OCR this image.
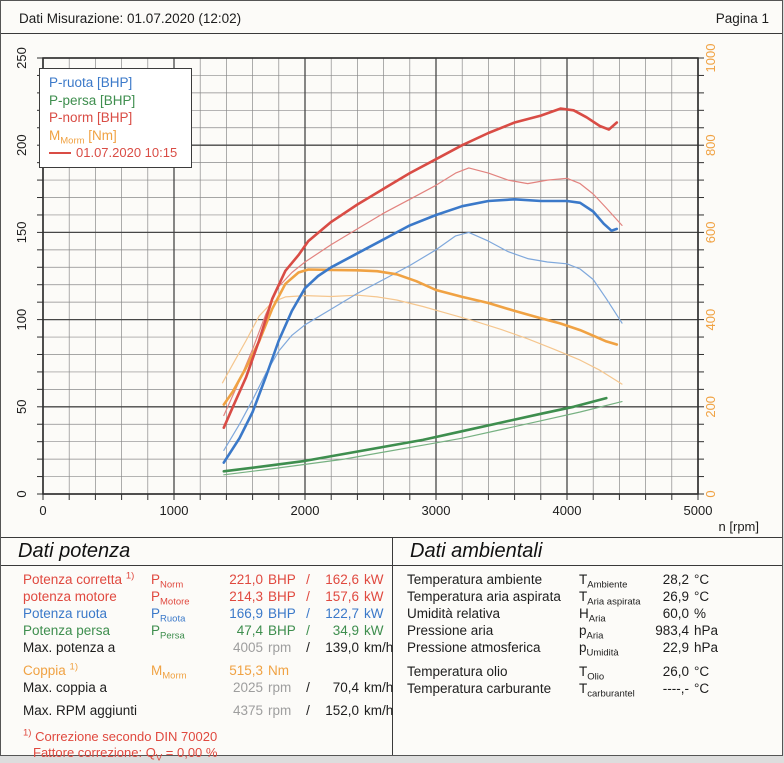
Dati Misurazione: 01.07.2020 (12:02)	Pagina 1
0	1000	2000	3000	4000	5000
n [rpm]
0
50
100
150
200
250
0
200
400
600
800
1000
P-ruota [BHP]
P-persa [BHP]
P-norm [BHP]
$M_{Morm}$ [Nm]
01.07.2020 10:15
Dati potenza
Potenza corretta $^{1)}$	$P_{Norm}$	221,0 BHP /	162,6 kW
potenza motore	$P_{Motore}$	214,3 BHP /	157,6 kW
Potenza ruota	$P_{Ruota}$	166,9 BHP /	122,7 kW
Potenza persa	$P_{Persa}$	47,4 BHP /	34,9 kW
Max. potenza a	4005 rpm	/	139,0 km/h
Coppia $^{1)}$	$M_{Morm}$	515,3 Nm
Max. coppia a	2025 rpm	/	70,4 km/h
Max. RPM aggiunti	4375 rpm	/	152,0 km/h
$^{1)}$ Correzione secondo DIN 70020
Fattore correzione: $Q_V = 0,00$ %
Dati ambientali
Temperatura ambiente	$T_{Ambiente}$	28,2 °C
Temperatura aria aspirata	$T_{Aria aspirata}$	26,9 °C
Umidità relativa	$H_{Aria}$	60,0 %
Pressione aria	$p_{Aria}$	983,4 hPa
Pressione atmosferica	$p_{Umidità}$	22,9 hPa
Temperatura olio	$T_{Olio}$	26,0 °C
Temperatura carburante	$T_{carburantel}$	----,- °C
